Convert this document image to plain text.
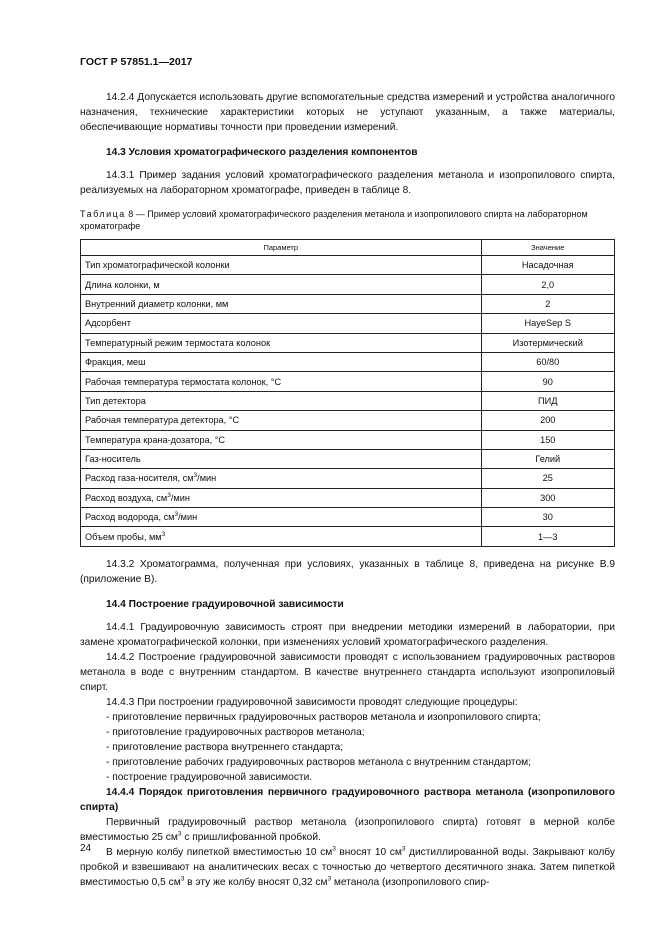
ГОСТ Р 57851.1—2017

14.2.4 Допускается использовать другие вспомогательные средства измерений и устройства аналогичного назначения, технические характеристики которых не уступают указанным, а также материалы, обеспечивающие нормативы точности при проведении измерений.

14.3 Условия хроматографического разделения компонентов

14.3.1 Пример задания условий хроматографического разделения метанола и изопропилового спирта, реализуемых на лабораторном хроматографе, приведен в таблице 8.

Таблица 8 — Пример условий хроматографического разделения метанола и изопропилового спирта на лабораторном хроматографе
Параметр	Значение
Тип хроматографической колонки	Насадочная
Длина колонки, м	2,0
Внутренний диаметр колонки, мм	2
Адсорбент	HayeSep S
Температурный режим термостата колонок	Изотермический
Фракция, меш	60/80
Рабочая температура термостата колонок, °С	90
Тип детектора	ПИД
Рабочая температура детектора, °С	200
Температура крана-дозатора, °С	150
Газ-носитель	Гелий
Расход газа-носителя, $см^3$/мин	25
Расход воздуха, $см^3$/мин	300
Расход водорода, $см^3$/мин	30
Объем пробы, $мм^3$	1—3

14.3.2 Хроматограмма, полученная при условиях, указанных в таблице 8, приведена на рисунке В.9 (приложение В).

14.4 Построение градуировочной зависимости

14.4.1 Градуировочную зависимость строят при внедрении методики измерений в лаборатории, при замене хроматографической колонки, при изменениях условий хроматографического разделения.

14.4.2 Построение градуировочной зависимости проводят с использованием градуировочных растворов метанола в воде с внутренним стандартом. В качестве внутреннего стандарта используют изопропиловый спирт.

14.4.3 При построении градуировочной зависимости проводят следующие процедуры:

- приготовление первичных градуировочных растворов метанола и изопропилового спирта;

- приготовление градуировочных растворов метанола;

- приготовление раствора внутреннего стандарта;

- приготовление рабочих градуировочных растворов метанола с внутренним стандартом;

- построение градуировочной зависимости.

14.4.4 Порядок приготовления первичного градуировочного раствора метанола (изопропилового спирта)

Первичный градуировочный раствор метанола (изопропилового спирта) готовят в мерной колбе вместимостью 25 $см^3$ с пришлифованной пробкой.

В мерную колбу пипеткой вместимостью 10 $см^3$ вносят 10 $см^3$ дистиллированной воды. Закрывают колбу пробкой и взвешивают на аналитических весах с точностью до четвертого десятичного знака. Затем пипеткой вместимостью 0,5 $см^3$ в эту же колбу вносят 0,32 $см^3$ метанола (изопропилового спир-

24
